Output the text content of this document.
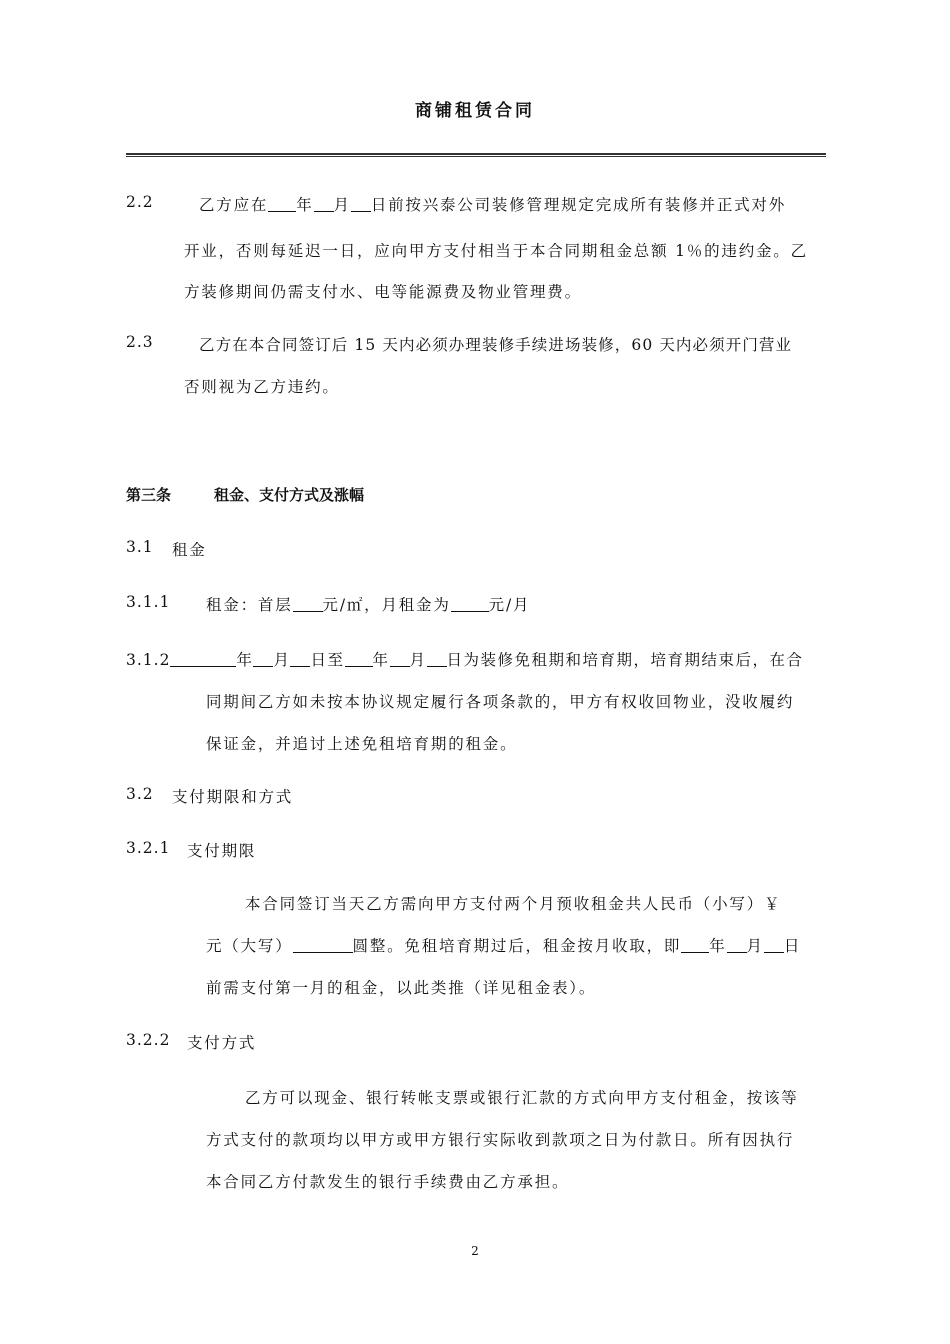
商铺租赁合同
2.2	乙方应在 年 月 日前按兴泰公司装修管理规定完成所有装修并正式对外
开业，否则每延迟一日，应向甲方支付相当于本合同期租金总额 1％的违约金。乙
方装修期间仍需支付水、电等能源费及物业管理费。
2.3	乙方在本合同签订后 15 天内必须办理装修手续进场装修，60 天内必须开门营业
否则视为乙方违约。
第三条	租金、支付方式及涨幅
3.1 租金
3.1.1 租金：首层 元/㎡，月租金为 元/月
3.1.2	年 月 日至 年 月 日为装修免租期和培育期，培育期结束后，在合
同期间乙方如未按本协议规定履行各项条款的，甲方有权收回物业，没收履约
保证金，并追讨上述免租培育期的租金。
3.2 支付期限和方式
3.2.1 支付期限
本合同签订当天乙方需向甲方支付两个月预收租金共人民币（小写）￥
元（大写）	圆整。免租培育期过后，租金按月收取，即 年 月 日
前需支付第一月的租金，以此类推（详见租金表）。
3.2.2 支付方式
乙方可以现金、银行转帐支票或银行汇款的方式向甲方支付租金，按该等
方式支付的款项均以甲方或甲方银行实际收到款项之日为付款日。所有因执行
本合同乙方付款发生的银行手续费由乙方承担。
2
